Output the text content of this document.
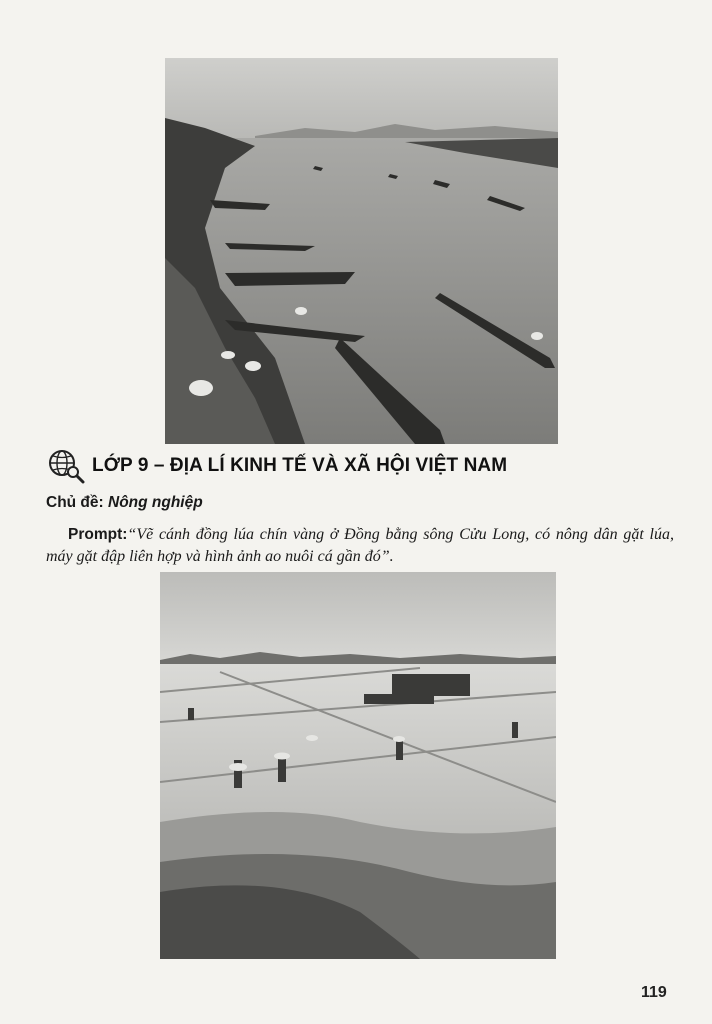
LỚP 9 – ĐỊA LÍ KINH TẾ VÀ XÃ HỘI VIỆT NAM
Chủ đề: Nông nghiệp
Prompt:“Vẽ cánh đồng lúa chín vàng ở Đồng bằng sông Cửu Long, có nông dân gặt lúa, máy gặt đập liên hợp và hình ảnh ao nuôi cá gần đó”.
119
